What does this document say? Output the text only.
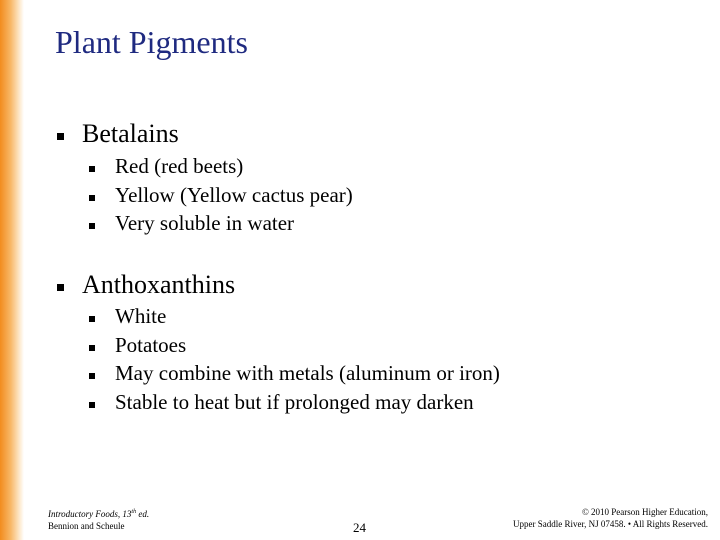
Plant Pigments
Betalains
Red (red beets)
Yellow (Yellow cactus pear)
Very soluble in water
Anthoxanthins
White
Potatoes
May combine with metals (aluminum or iron)
Stable to heat but if prolonged may darken
Introductory Foods, 13th ed.
Bennion and Scheule	24
© 2010 Pearson Higher Education,
Upper Saddle River, NJ 07458. • All Rights Reserved.
